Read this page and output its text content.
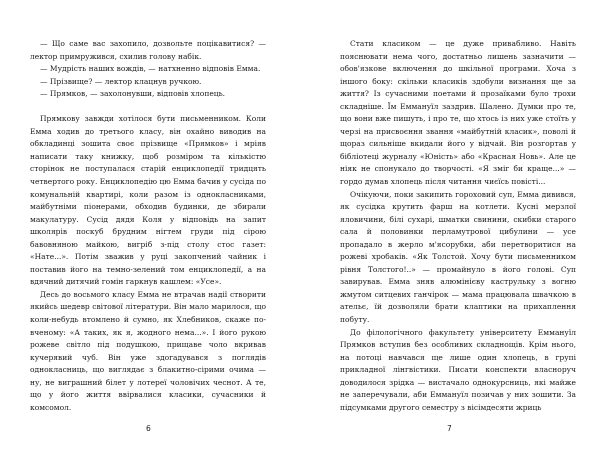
— Що саме вас захопило, дозвольте поцікавитися? — лектор примружився, схилив голову набік.

— Мудрість наших вождів, — натхненно відповів Емма.

— Прізвище? — лектор клацнув ручкою.

— Прямков, — захолонувши, відповів хлопець.

Прямкову завжди хотілося бути письменником. Коли Емма ходив до третього класу, він охайно виводив на обкладинці зошита своє прізвище «Прямков» і мріяв написати таку книжку, щоб розміром та кількістю сторінок не поступалася старій енциклопедії тридцять четвертого року. Енциклопедію цю Емма бачив у сусіда по комунальній квартирі, коли разом із однокласниками, майбутніми піонерами, обходив будинки, де збирали макулатуру. Сусід дядя Коля у відповідь на запит школярів поскуб брудним нігтем груди під сірою бавовняною майкою, вигріб з-під столу стос газет: «Нате...». Потім зважив у руці закопчений чайник і поставив його на темно-зелений том енциклопедії, а на вдячний дитячий гомін гаркнув кашлем: «Усе».

Десь до восьмого класу Емма не втрачав надії створити якийсь шедевр світової літератури. Він мало марилося, що коли-небудь втомлено й сумно, як Хлебников, скаже по-вченому: «А таких, як я, жодного нема...». І його рукою рожеве світло під подушкою, прищаве чоло вкривав кучерявий чуб. Він уже здогадувався з поглядів однокласниць, що виглядає з блакитно-сірими очима — ну, не виграшний білет у лотереї чоловічих чеснот. А те, що у його життя ввірвалися класики, сучасники й комсомол.

6

Стати класиком — це дуже привабливо. Навіть пояснювати нема чого, достатньо лишень зазначити — обов'язкове включення до шкільної програми. Хоча з іншого боку: скільки класиків здобули визнання ще за життя? Із сучасними поетами й прозаїками було трохи складніше. Їм Еммануїл заздрив. Шалено. Думки про те, що вони вже пишуть, і про те, що хтось із них уже стоїть у черзі на присвоєння звання «майбутній класик», поволі й щораз сильніше вкидали його у відчай. Він розгортав у бібліотеці журналу «Юність» або «Красная Новь». Але це ніяк не спонукало до творчості. «Я зміг би краще...» — гордо думав хлопець після читання чиєїсь повісті...

Очікуючи, поки закипить гороховий суп, Емма дивився, як сусідка крутить фарш на котлети. Кусні мерзлої яловичини, білі сухарі, шматки свинини, скибки старого сала й половинки перламутрової цибулини — усе пропадало в жерло м'ясорубки, аби перетворитися на рожеві хробаків. «Як Толстой. Хочу бути письменником рівня Толстого!..» — промайнуло в його голові. Суп завирував. Емма зняв алюмінієву каструльку з вогню жмутом ситцевих ганчірок — мама працювала швачкою в ательє, їй дозволяли брати клаптики на прихаплення побуту.

До філологічного факультету університету Еммануїл Прямков вступив без особливих складнощів. Крім нього, на потоці навчався ще лише один хлопець, в групі прикладної лінгвістики. Писати конспекти власноруч доводилося зрідка — вистачало однокурсниць, які майже не заперечували, аби Еммануїл позичав у них зошити. За підсумками другого семестру з вісімдесяти жриць

7
